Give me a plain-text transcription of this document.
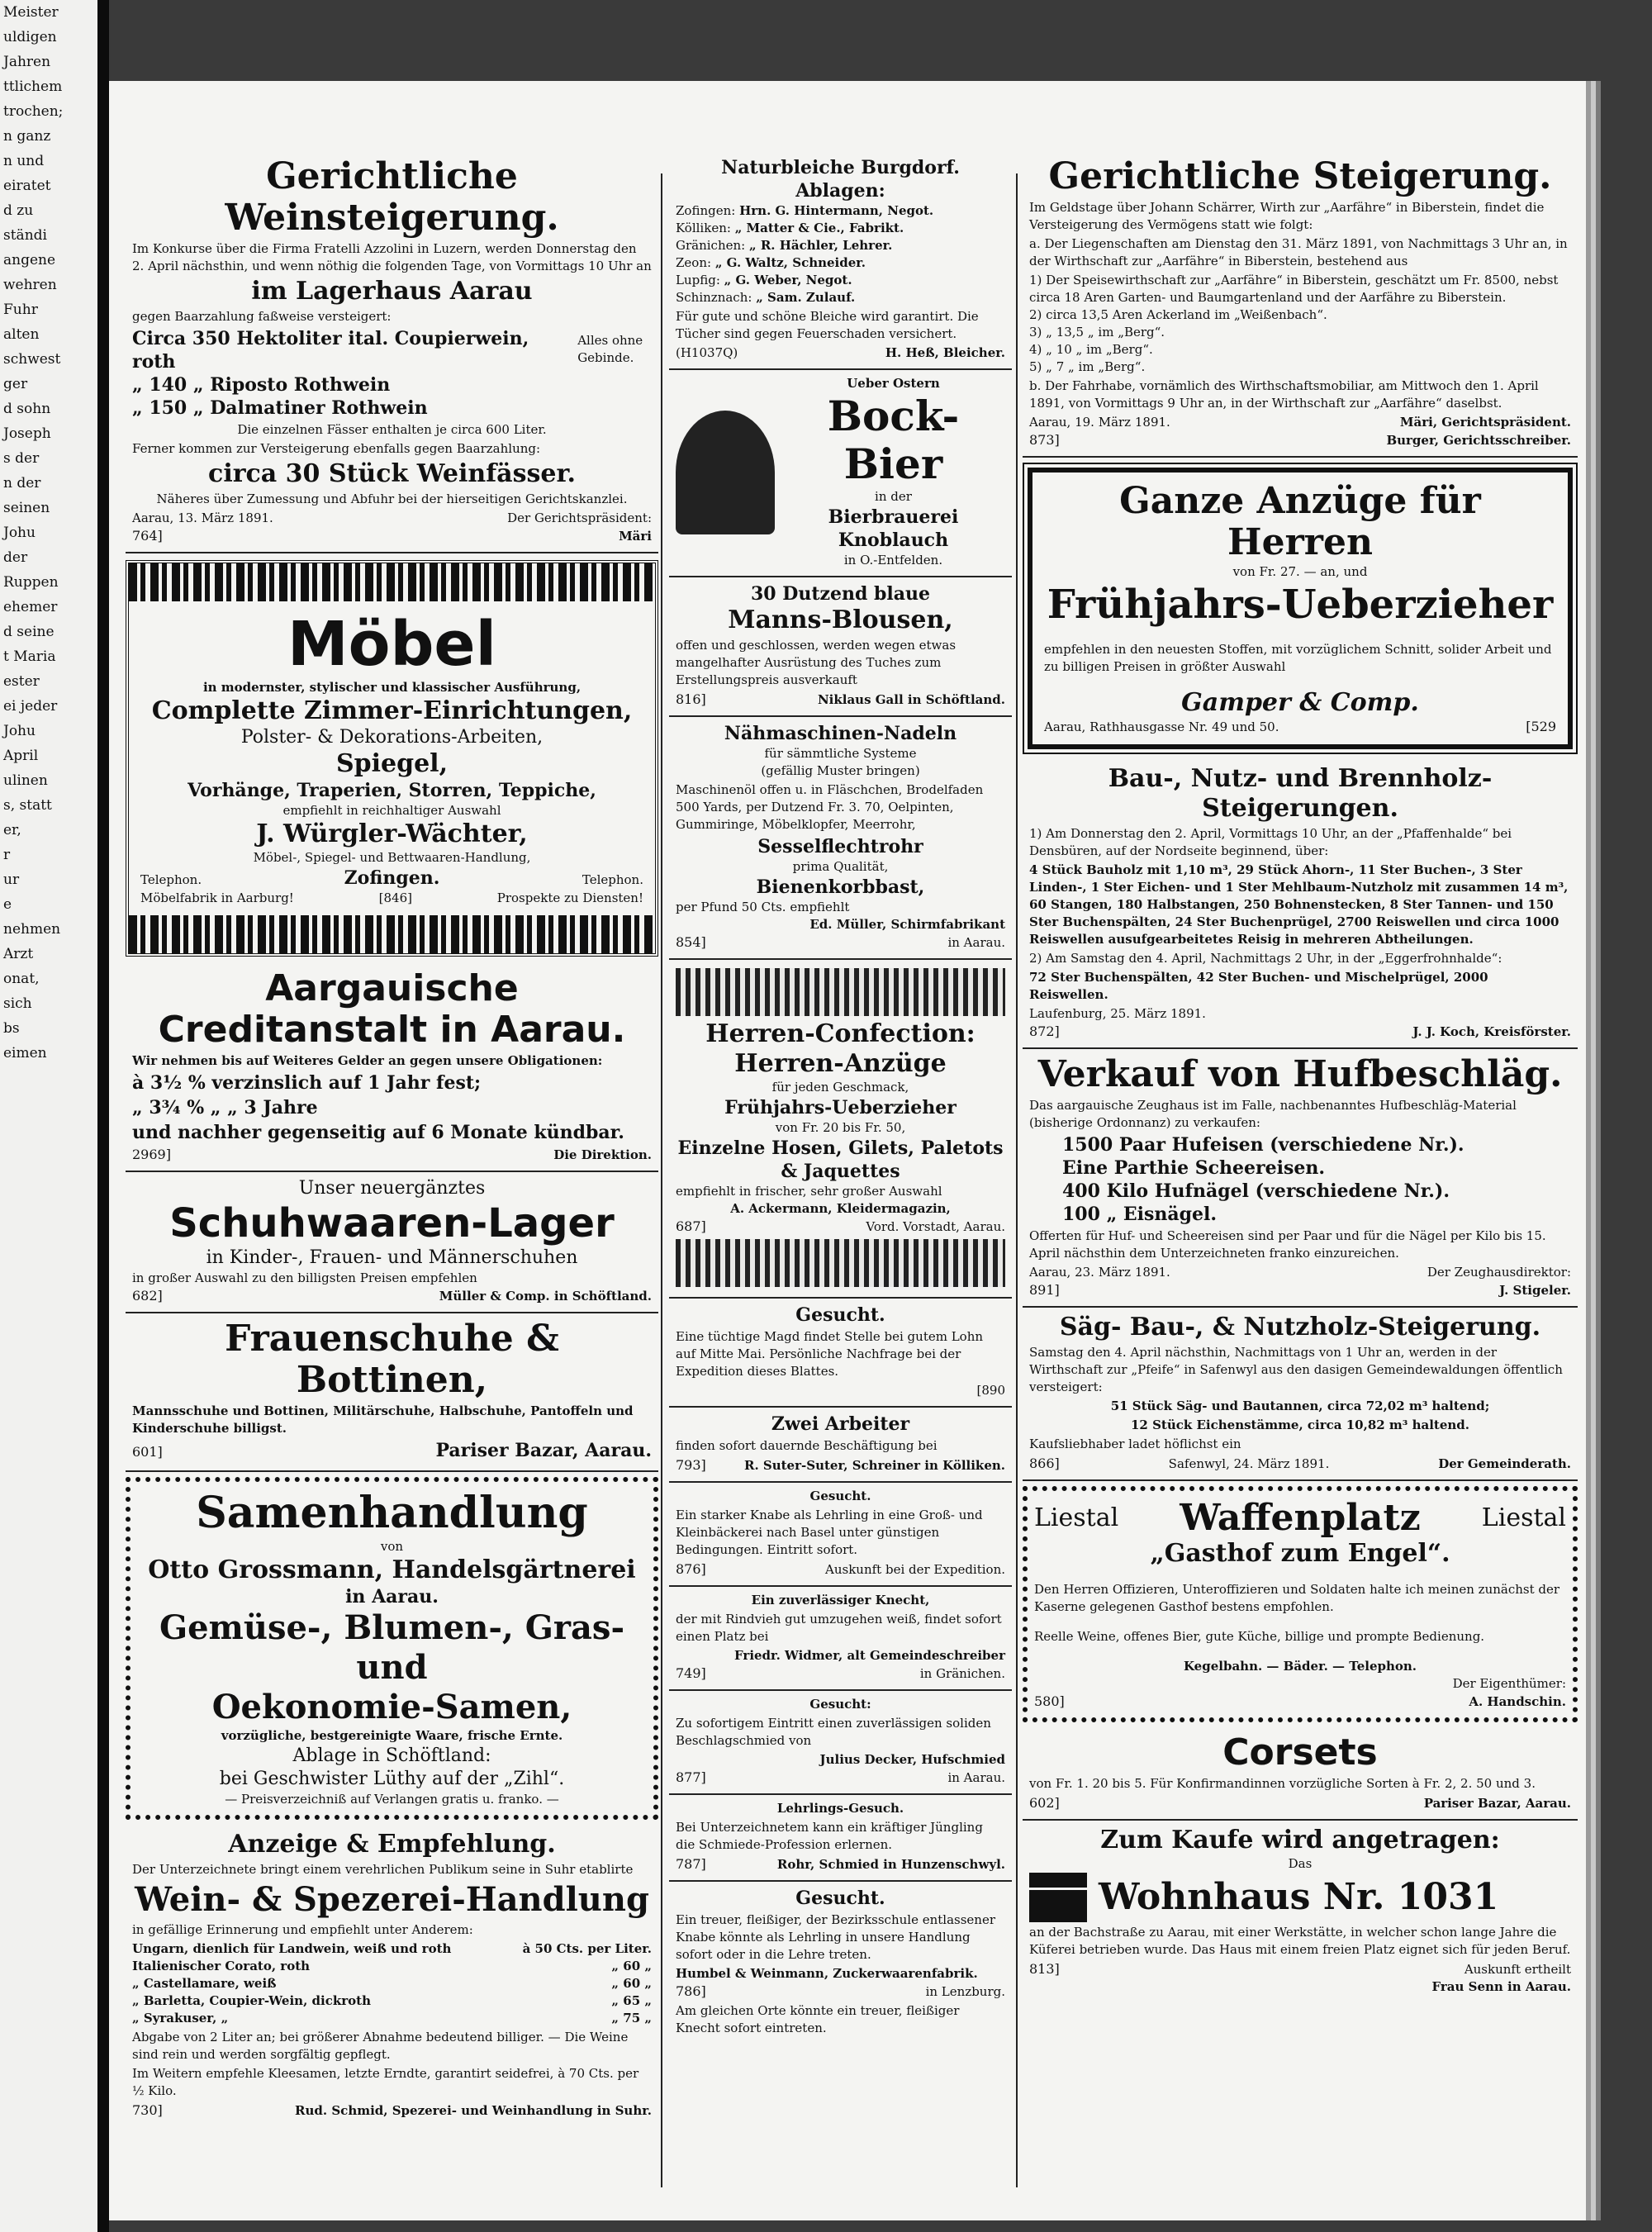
Meister
uldigen
Jahren
ttlichem
trochen;
n ganz
n und
eiratet
d zu
ständi
angene
wehren
Fuhr
alten
schwest
ger
d sohn
Joseph
s der
n der
seinen
Johu
der
Ruppen
ehemer
d seine
t Maria
ester
ei jeder
Johu
April
ulinen
s, statt
er,
r
ur
e
nehmen
Arzt
onat,
sich
bs
eimen
Gerichtliche Weinsteigerung.

Im Konkurse über die Firma Fratelli Azzolini in Luzern, werden Donnerstag den 2. April nächsthin, und wenn nöthig die folgenden Tage, von Vormittags 10 Uhr an

im Lagerhaus Aarau

gegen Baarzahlung faßweise versteigert:

Circa 350 Hektoliter ital. Coupierwein, roth
„ 140 „ Riposto Rothwein
„ 150 „ Dalmatiner Rothwein
Alles ohne Gebinde.

Die einzelnen Fässer enthalten je circa 600 Liter.

Ferner kommen zur Versteigerung ebenfalls gegen Baarzahlung:

circa 30 Stück Weinfässer.

Näheres über Zumessung und Abfuhr bei der hierseitigen Gerichtskanzlei.

Aarau, 13. März 1891.	Der Gerichtspräsident:
764]	Märi
Möbel
in modernster, stylischer und klassischer Ausführung,
Complette Zimmer-Einrichtungen,
Polster- & Dekorations-Arbeiten,
Spiegel,
Vorhänge, Traperien, Storren, Teppiche,
empfiehlt in reichhaltiger Auswahl
J. Würgler-Wächter,
Möbel-, Spiegel- und Bettwaaren-Handlung,
Telephon.	Zofingen.	Telephon.
Möbelfabrik in Aarburg!	[846]	Prospekte zu Diensten!
Aargauische Creditanstalt in Aarau.

Wir nehmen bis auf Weiteres Gelder an gegen unsere Obligationen:

à 3½ % verzinslich auf 1 Jahr fest;

„ 3¾ % „ „ 3 Jahre

und nachher gegenseitig auf 6 Monate kündbar.

2969]	Die Direktion.
Unser neuergänztes
Schuhwaaren-Lager
in Kinder-, Frauen- und Männerschuhen
in großer Auswahl zu den billigsten Preisen empfehlen
682]	Müller & Comp. in Schöftland.
Frauenschuhe & Bottinen,

Mannsschuhe und Bottinen, Militärschuhe, Halbschuhe, Pantoffeln und Kinderschuhe billigst.

601]	Pariser Bazar, Aarau.
Samenhandlung
von
Otto Grossmann, Handelsgärtnerei
in Aarau.
Gemüse-, Blumen-, Gras- und
Oekonomie-Samen,
vorzügliche, bestgereinigte Waare, frische Ernte.
Ablage in Schöftland:
bei Geschwister Lüthy auf der „Zihl“.
— Preisverzeichniß auf Verlangen gratis u. franko. —
Anzeige & Empfehlung.

Der Unterzeichnete bringt einem verehrlichen Publikum seine in Suhr etablirte

Wein- & Spezerei-Handlung

in gefällige Erinnerung und empfiehlt unter Anderem:

Ungarn, dienlich für Landwein, weiß und roth	à 50 Cts. per Liter.
Italienischer Corato, roth	„ 60 „
„ Castellamare, weiß	„ 60 „
„ Barletta, Coupier-Wein, dickroth	„ 65 „
„ Syrakuser, „	„ 75 „

Abgabe von 2 Liter an; bei größerer Abnahme bedeutend billiger. — Die Weine sind rein und werden sorgfältig gepflegt.

Im Weitern empfehle Kleesamen, letzte Erndte, garantirt seidefrei, à 70 Cts. per ½ Kilo.

730]	Rud. Schmid, Spezerei- und Weinhandlung in Suhr.
Naturbleiche Burgdorf.
Ablagen:
Zofingen: Hrn. G. Hintermann, Negot.
Kölliken: „ Matter & Cie., Fabrikt.
Gränichen: „ R. Hächler, Lehrer.
Zeon: „ G. Waltz, Schneider.
Lupfig: „ G. Weber, Negot.
Schinznach: „ Sam. Zulauf.

Für gute und schöne Bleiche wird garantirt. Die Tücher sind gegen Feuerschaden versichert.

(H1037Q)	H. Heß, Bleicher.
Ueber Ostern
Bock-Bier
in der
Bierbrauerei
Knoblauch
in O.-Entfelden.
30 Dutzend blaue
Manns-Blousen,

offen und geschlossen, werden wegen etwas mangelhafter Ausrüstung des Tuches zum Erstellungspreis ausverkauft

816]	Niklaus Gall in Schöftland.
Nähmaschinen-Nadeln
für sämmtliche Systeme
(gefällig Muster bringen)

Maschinenöl offen u. in Fläschchen, Brodelfaden 500 Yards, per Dutzend Fr. 3. 70, Oelpinten, Gummiringe, Möbelklopfer, Meerrohr,

Sesselflechtrohr
prima Qualität,
Bienenkorbbast,
per Pfund 50 Cts. empfiehlt
Ed. Müller, Schirmfabrikant
854]	in Aarau.
Herren-Confection:
Herren-Anzüge
für jeden Geschmack,
Frühjahrs-Ueberzieher
von Fr. 20 bis Fr. 50,
Einzelne Hosen, Gilets, Paletots & Jaquettes
empfiehlt in frischer, sehr großer Auswahl
A. Ackermann, Kleidermagazin,
687]	Vord. Vorstadt, Aarau.
Gesucht.

Eine tüchtige Magd findet Stelle bei gutem Lohn auf Mitte Mai. Persönliche Nachfrage bei der Expedition dieses Blattes.

[890
Zwei Arbeiter

finden sofort dauernde Beschäftigung bei

793]	R. Suter-Suter, Schreiner in Kölliken.
Gesucht.

Ein starker Knabe als Lehrling in eine Groß- und Kleinbäckerei nach Basel unter günstigen Bedingungen. Eintritt sofort.

876]	Auskunft bei der Expedition.
Ein zuverlässiger Knecht,

der mit Rindvieh gut umzugehen weiß, findet sofort einen Platz bei

Friedr. Widmer, alt Gemeindeschreiber
749]	in Gränichen.
Gesucht:

Zu sofortigem Eintritt einen zuverlässigen soliden Beschlagschmied von

Julius Decker, Hufschmied
877]	in Aarau.
Lehrlings-Gesuch.

Bei Unterzeichnetem kann ein kräftiger Jüngling die Schmiede-Profession erlernen.

787]	Rohr, Schmied in Hunzenschwyl.
Gesucht.

Ein treuer, fleißiger, der Bezirksschule entlassener Knabe könnte als Lehrling in unsere Handlung sofort oder in die Lehre treten.

Humbel & Weinmann, Zuckerwaarenfabrik.
786]	in Lenzburg.

Am gleichen Orte könnte ein treuer, fleißiger Knecht sofort eintreten.

Gerichtliche Steigerung.

Im Geldstage über Johann Schärrer, Wirth zur „Aarfähre“ in Biberstein, findet die Versteigerung des Vermögens statt wie folgt:

a. Der Liegenschaften am Dienstag den 31. März 1891, von Nachmittags 3 Uhr an, in der Wirthschaft zur „Aarfähre“ in Biberstein, bestehend aus

1) Der Speisewirthschaft zur „Aarfähre“ in Biberstein, geschätzt um Fr. 8500, nebst circa 18 Aren Garten- und Baumgartenland und der Aarfähre zu Biberstein.
2) circa 13,5 Aren Ackerland im „Weißenbach“.
3) „ 13,5 „ im „Berg“.
4) „ 10 „ im „Berg“.
5) „ 7 „ im „Berg“.

b. Der Fahrhabe, vornämlich des Wirthschaftsmobiliar, am Mittwoch den 1. April 1891, von Vormittags 9 Uhr an, in der Wirthschaft zur „Aarfähre“ daselbst.

Aarau, 19. März 1891.	Märi, Gerichtspräsident.
873]	Burger, Gerichtsschreiber.
Ganze Anzüge für Herren
von Fr. 27. — an, und
Frühjahrs-Ueberzieher

empfehlen in den neuesten Stoffen, mit vorzüglichem Schnitt, solider Arbeit und zu billigen Preisen in größter Auswahl

Gamper & Comp.
Aarau, Rathhausgasse Nr. 49 und 50.	[529
Bau-, Nutz- und Brennholz-Steigerungen.

1) Am Donnerstag den 2. April, Vormittags 10 Uhr, an der „Pfaffenhalde“ bei Densbüren, auf der Nordseite beginnend, über:

4 Stück Bauholz mit 1,10 m³, 29 Stück Ahorn-, 11 Ster Buchen-, 3 Ster Linden-, 1 Ster Eichen- und 1 Ster Mehlbaum-Nutzholz mit zusammen 14 m³, 60 Stangen, 180 Halbstangen, 250 Bohnenstecken, 8 Ster Tannen- und 150 Ster Buchenspälten, 24 Ster Buchenprügel, 2700 Reiswellen und circa 1000 Reiswellen ausufgearbeitetes Reisig in mehreren Abtheilungen.

2) Am Samstag den 4. April, Nachmittags 2 Uhr, in der „Eggerfrohnhalde“:

72 Ster Buchenspälten, 42 Ster Buchen- und Mischelprügel, 2000 Reiswellen.

Laufenburg, 25. März 1891.
872]	J. J. Koch, Kreisförster.
Verkauf von Hufbeschläg.

Das aargauische Zeughaus ist im Falle, nachbenanntes Hufbeschläg-Material (bisherige Ordonnanz) zu verkaufen:

1500 Paar Hufeisen (verschiedene Nr.).
Eine Parthie Scheereisen.
400 Kilo Hufnägel (verschiedene Nr.).
100 „ Eisnägel.

Offerten für Huf- und Scheereisen sind per Paar und für die Nägel per Kilo bis 15. April nächsthin dem Unterzeichneten franko einzureichen.

Aarau, 23. März 1891.	Der Zeughausdirektor:
891]	J. Stigeler.
Säg- Bau-, & Nutzholz-Steigerung.

Samstag den 4. April nächsthin, Nachmittags von 1 Uhr an, werden in der Wirthschaft zur „Pfeife“ in Safenwyl aus den dasigen Gemeindewaldungen öffentlich versteigert:

51 Stück Säg- und Bautannen, circa 72,02 m³ haltend;

12 Stück Eichenstämme, circa 10,82 m³ haltend.

Kaufsliebhaber ladet höflichst ein

866]	Safenwyl, 24. März 1891.	Der Gemeinderath.
Liestal Waffenplatz Liestal
„Gasthof zum Engel“.

Den Herren Offizieren, Unteroffizieren und Soldaten halte ich meinen zunächst der Kaserne gelegenen Gasthof bestens empfohlen.

Reelle Weine, offenes Bier, gute Küche, billige und prompte Bedienung.

Kegelbahn. — Bäder. — Telephon.
Der Eigenthümer:
580]	A. Handschin.
Corsets

von Fr. 1. 20 bis 5. Für Konfirmandinnen vorzügliche Sorten à Fr. 2, 2. 50 und 3.

602]	Pariser Bazar, Aarau.
Zum Kaufe wird angetragen:
Das
Wohnhaus Nr. 1031

an der Bachstraße zu Aarau, mit einer Werkstätte, in welcher schon lange Jahre die Küferei betrieben wurde. Das Haus mit einem freien Platz eignet sich für jeden Beruf.

813]	Auskunft ertheilt
Frau Senn in Aarau.
